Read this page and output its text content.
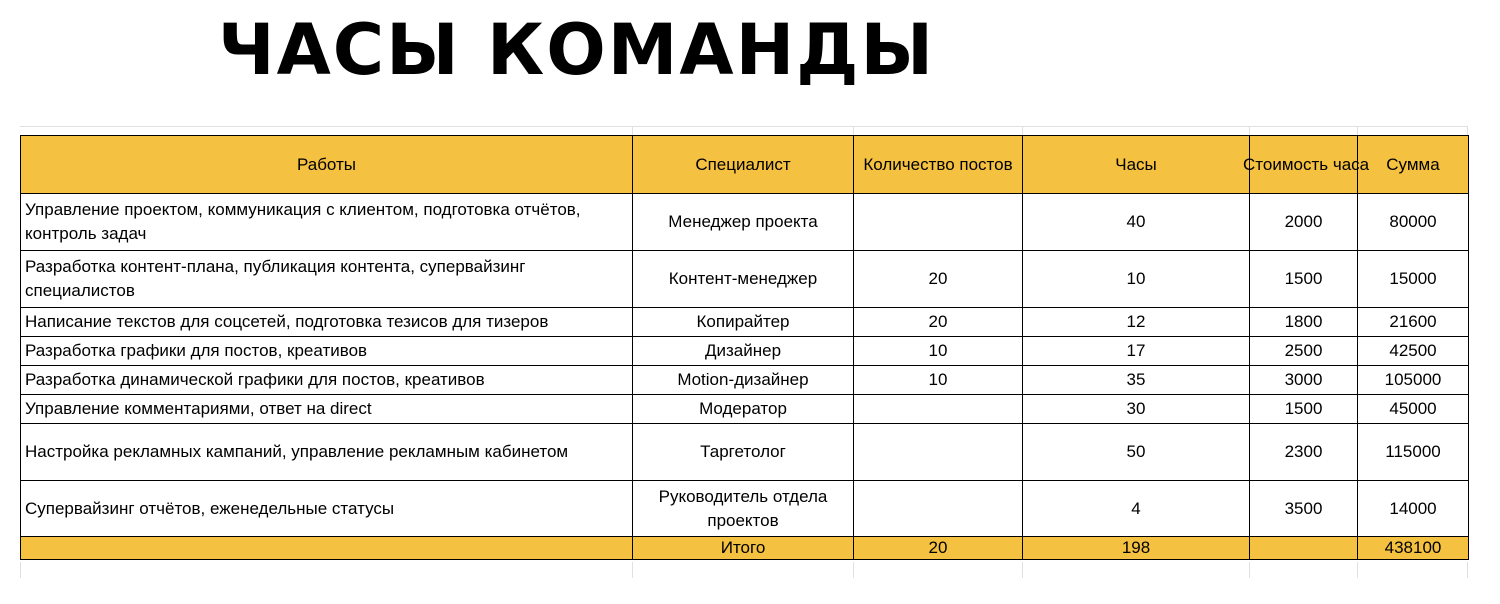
ЧАСЫ КОМАНДЫ
Работы	Специалист	Количество постов	Часы	Стоимость часа	Сумма
Управление проектом, коммуникация с клиентом, подготовка отчётов, контроль задач	Менеджер проекта		40	2000	80000
Разработка контент-плана, публикация контента, супервайзинг специалистов	Контент-менеджер	20	10	1500	15000
Написание текстов для соцсетей, подготовка тезисов для тизеров	Копирайтер	20	12	1800	21600
Разработка графики для постов, креативов	Дизайнер	10	17	2500	42500
Разработка динамической графики для постов, креативов	Motion-дизайнер	10	35	3000	105000
Управление комментариями, ответ на direct	Модератор		30	1500	45000
Настройка рекламных кампаний, управление рекламным кабинетом	Таргетолог		50	2300	115000
Супервайзинг отчётов, еженедельные статусы	Руководитель отдела проектов		4	3500	14000
	Итого	20	198		438100
